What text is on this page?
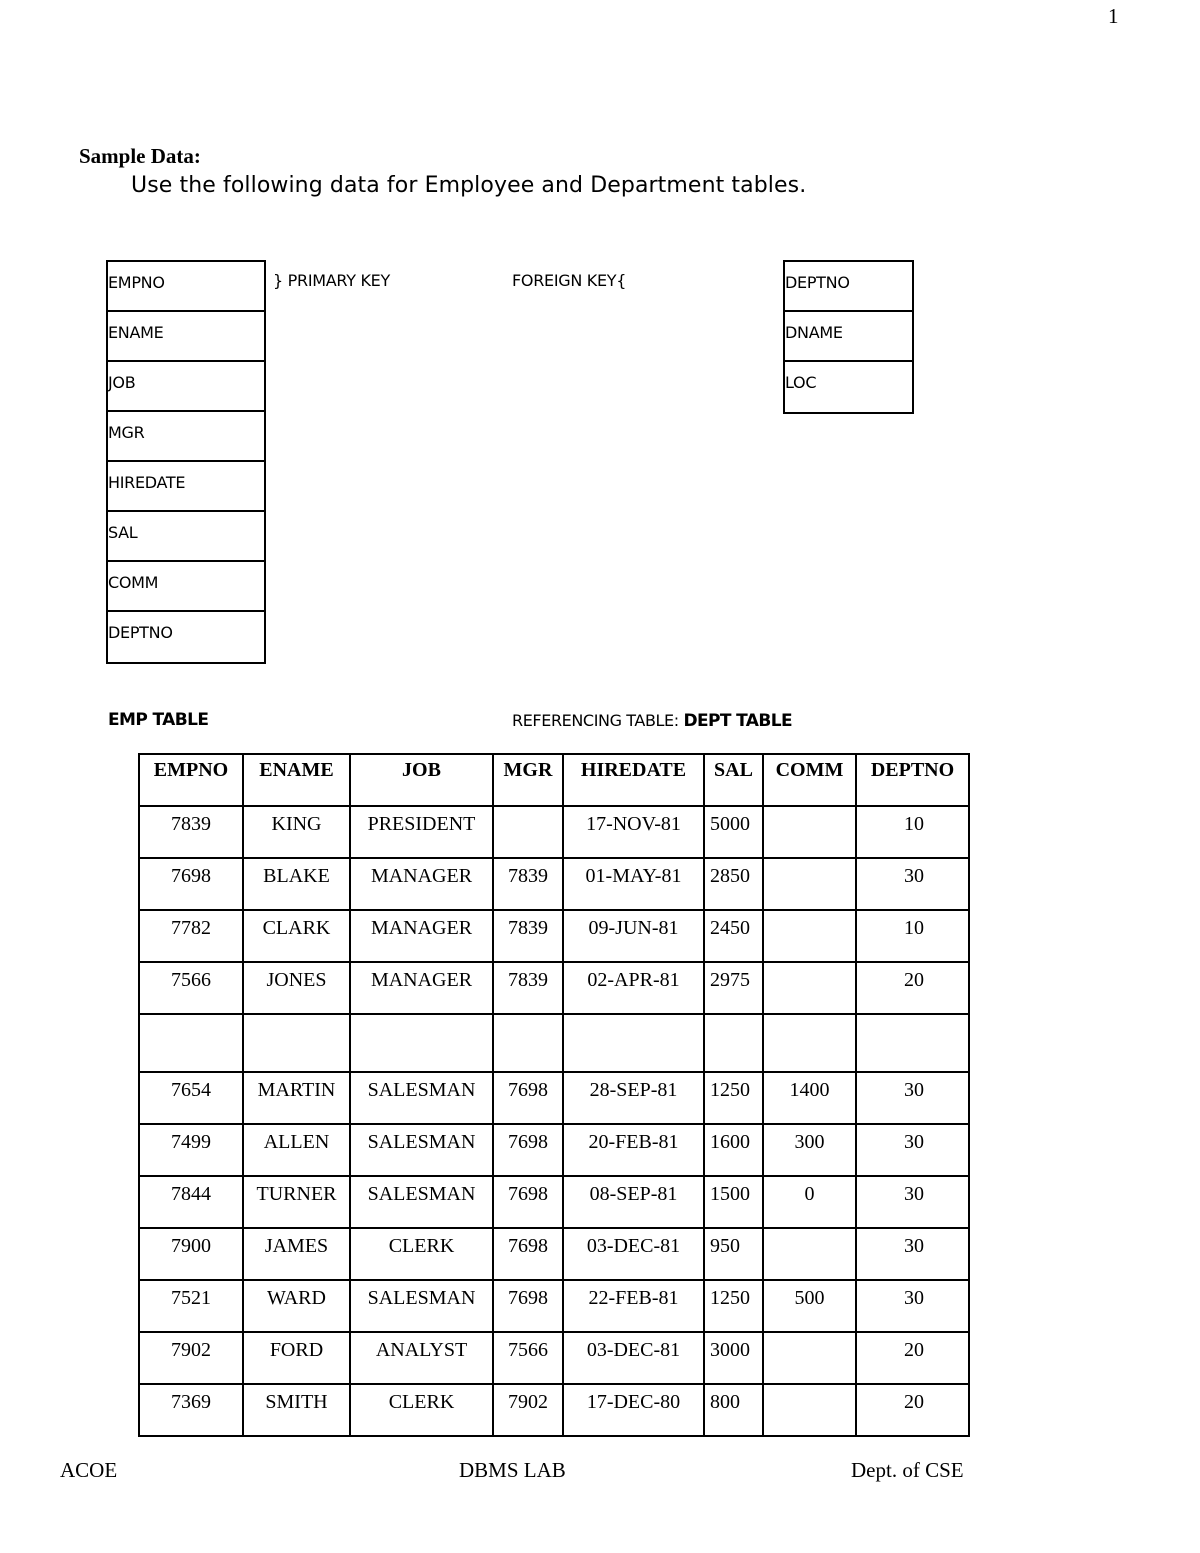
1
Sample Data:
Use the following data for Employee and Department tables.
EMPNO
ENAME
JOB
MGR
HIREDATE
SAL
COMM
DEPTNO
} PRIMARY KEY	FOREIGN KEY{	DEPTNO
DNAME
LOC
EMP TABLE	REFERENCING TABLE: DEPT TABLE
EMPNO	ENAME	JOB	MGR	HIREDATE	SAL	COMM	DEPTNO
7839	KING	PRESIDENT		17-NOV-81	5000		10
7698	BLAKE	MANAGER	7839	01-MAY-81	2850		30
7782	CLARK	MANAGER	7839	09-JUN-81	2450		10
7566	JONES	MANAGER	7839	02-APR-81	2975		20

7654	MARTIN	SALESMAN	7698	28-SEP-81	1250	1400	30
7499	ALLEN	SALESMAN	7698	20-FEB-81	1600	300	30
7844	TURNER	SALESMAN	7698	08-SEP-81	1500	0	30
7900	JAMES	CLERK	7698	03-DEC-81	950		30
7521	WARD	SALESMAN	7698	22-FEB-81	1250	500	30
7902	FORD	ANALYST	7566	03-DEC-81	3000		20
7369	SMITH	CLERK	7902	17-DEC-80	800		20
ACOE	DBMS LAB	Dept. of CSE
